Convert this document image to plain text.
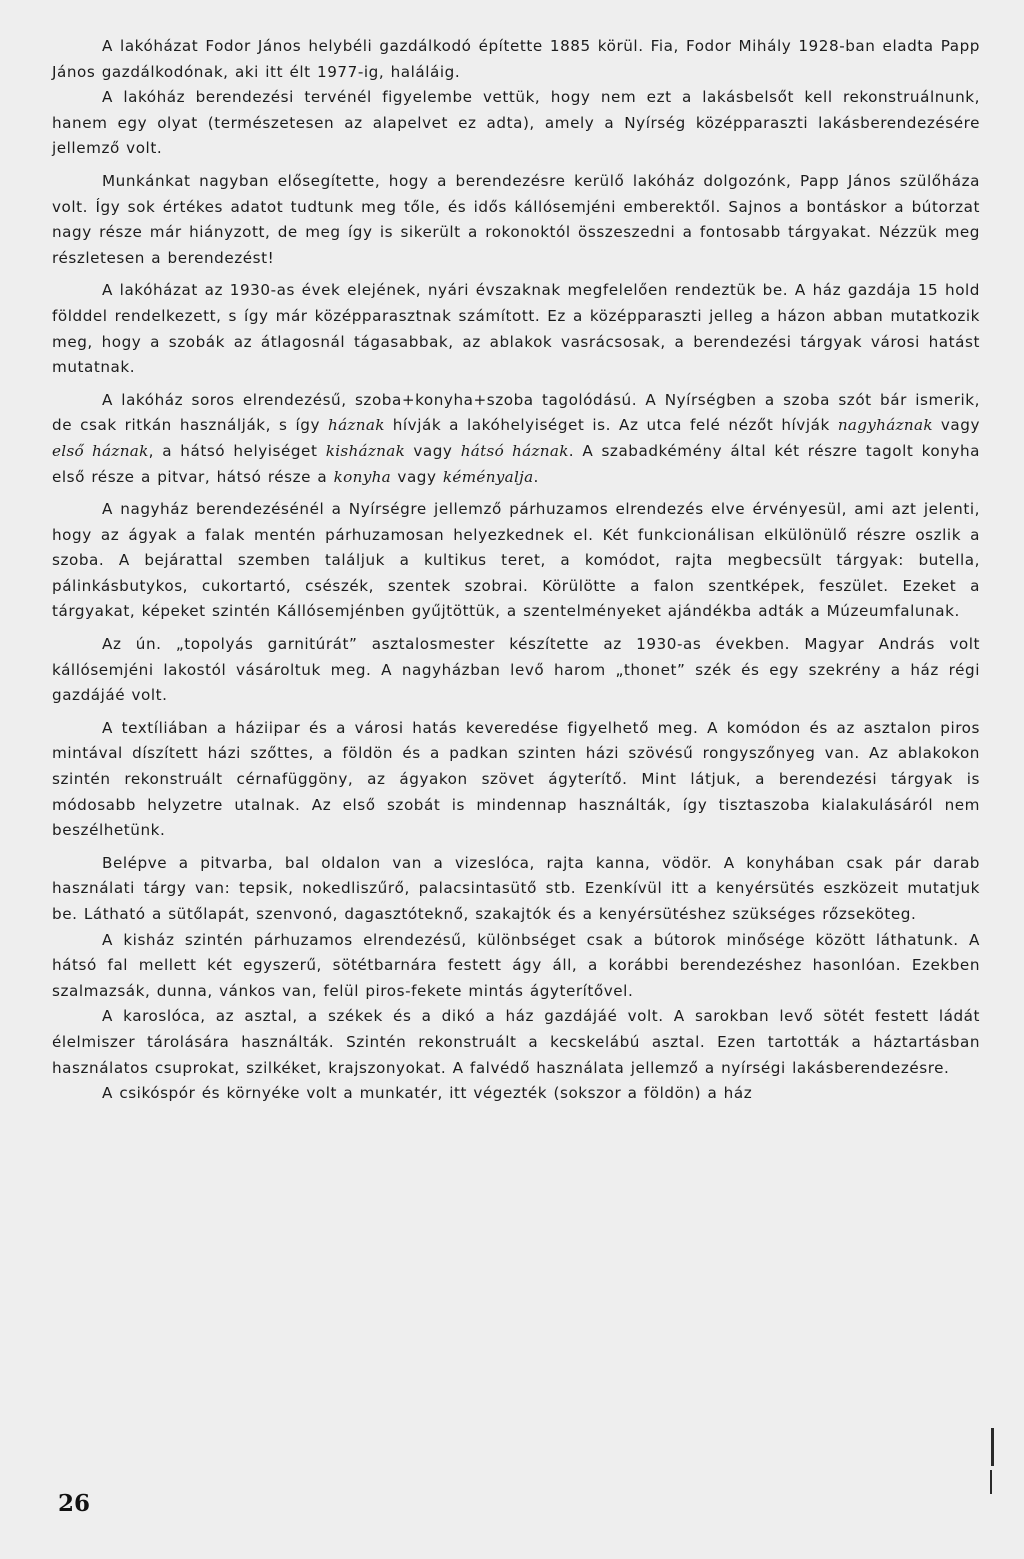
A lakóházat Fodor János helybéli gazdálkodó építette 1885 körül. Fia, Fodor Mihály 1928-ban eladta Papp János gazdálkodónak, aki itt élt 1977-ig, haláláig.

A lakóház berendezési tervénél figyelembe vettük, hogy nem ezt a lakásbelsőt kell rekonstruálnunk, hanem egy olyat (természetesen az alapelvet ez adta), amely a Nyírség középparaszti lakásberendezésére jellemző volt.

Munkánkat nagyban elősegítette, hogy a berendezésre kerülő lakóház dolgozónk, Papp János szülőháza volt. Így sok értékes adatot tudtunk meg tőle, és idős kállósemjéni emberektől. Sajnos a bontáskor a bútorzat nagy része már hiányzott, de meg így is sikerült a rokonoktól összeszedni a fontosabb tárgyakat. Nézzük meg részletesen a berendezést!

A lakóházat az 1930-as évek elejének, nyári évszaknak megfelelően rendeztük be. A ház gazdája 15 hold földdel rendelkezett, s így már középparasztnak számított. Ez a középparaszti jelleg a házon abban mutatkozik meg, hogy a szobák az átlagosnál tágasabbak, az ablakok vasrácsosak, a berendezési tárgyak városi hatást mutatnak.

A lakóház soros elrendezésű, szoba+konyha+szoba tagolódású. A Nyírségben a szoba szót bár ismerik, de csak ritkán használják, s így háznak hívják a lakóhelyiséget is. Az utca felé nézőt hívják nagyháznak vagy első háznak, a hátsó helyiséget kisháznak vagy hátsó háznak. A szabadkémény által két részre tagolt konyha első része a pitvar, hátsó része a konyha vagy kéményalja.

A nagyház berendezésénél a Nyírségre jellemző párhuzamos elrendezés elve érvényesül, ami azt jelenti, hogy az ágyak a falak mentén párhuzamosan helyezkednek el. Két funkcionálisan elkülönülő részre oszlik a szoba. A bejárattal szemben találjuk a kultikus teret, a komódot, rajta megbecsült tárgyak: butella, pálinkásbutykos, cukortartó, csészék, szentek szobrai. Körülötte a falon szentképek, feszület. Ezeket a tárgyakat, képeket szintén Kállósemjénben gyűjtöttük, a szentelményeket ajándékba adták a Múzeumfalunak.

Az ún. „topolyás garnitúrát” asztalosmester készítette az 1930-as években. Magyar András volt kállósemjéni lakostól vásároltuk meg. A nagyházban levő harom „thonet” szék és egy szekrény a ház régi gazdájáé volt.

A textíliában a háziipar és a városi hatás keveredése figyelhető meg. A komódon és az asztalon piros mintával díszített házi szőttes, a földön és a padkan szinten házi szövésű rongyszőnyeg van. Az ablakokon szintén rekonstruált cérnafüggöny, az ágyakon szövet ágyterítő. Mint látjuk, a berendezési tárgyak is módosabb helyzetre utalnak. Az első szobát is mindennap használták, így tisztaszoba kialakulásáról nem beszélhetünk.

Belépve a pitvarba, bal oldalon van a vizeslóca, rajta kanna, vödör. A konyhában csak pár darab használati tárgy van: tepsik, nokedliszűrő, palacsintasütő stb. Ezenkívül itt a kenyérsütés eszközeit mutatjuk be. Látható a sütőlapát, szenvonó, dagasztóteknő, szakajtók és a kenyérsütéshez szükséges rőzseköteg.

A kisház szintén párhuzamos elrendezésű, különbséget csak a bútorok minősége között láthatunk. A hátsó fal mellett két egyszerű, sötétbarnára festett ágy áll, a korábbi berendezéshez hasonlóan. Ezekben szalmazsák, dunna, vánkos van, felül piros-fekete mintás ágyterítővel.

A karoslóca, az asztal, a székek és a dikó a ház gazdájáé volt. A sarokban levő sötét festett ládát élelmiszer tárolására használták. Szintén rekonstruált a kecskelábú asztal. Ezen tartották a háztartásban használatos csuprokat, szilkéket, krajszonyokat. A falvédő használata jellemző a nyírségi lakásberendezésre.

A csikóspór és környéke volt a munkatér, itt végezték (sokszor a földön) a ház

26
